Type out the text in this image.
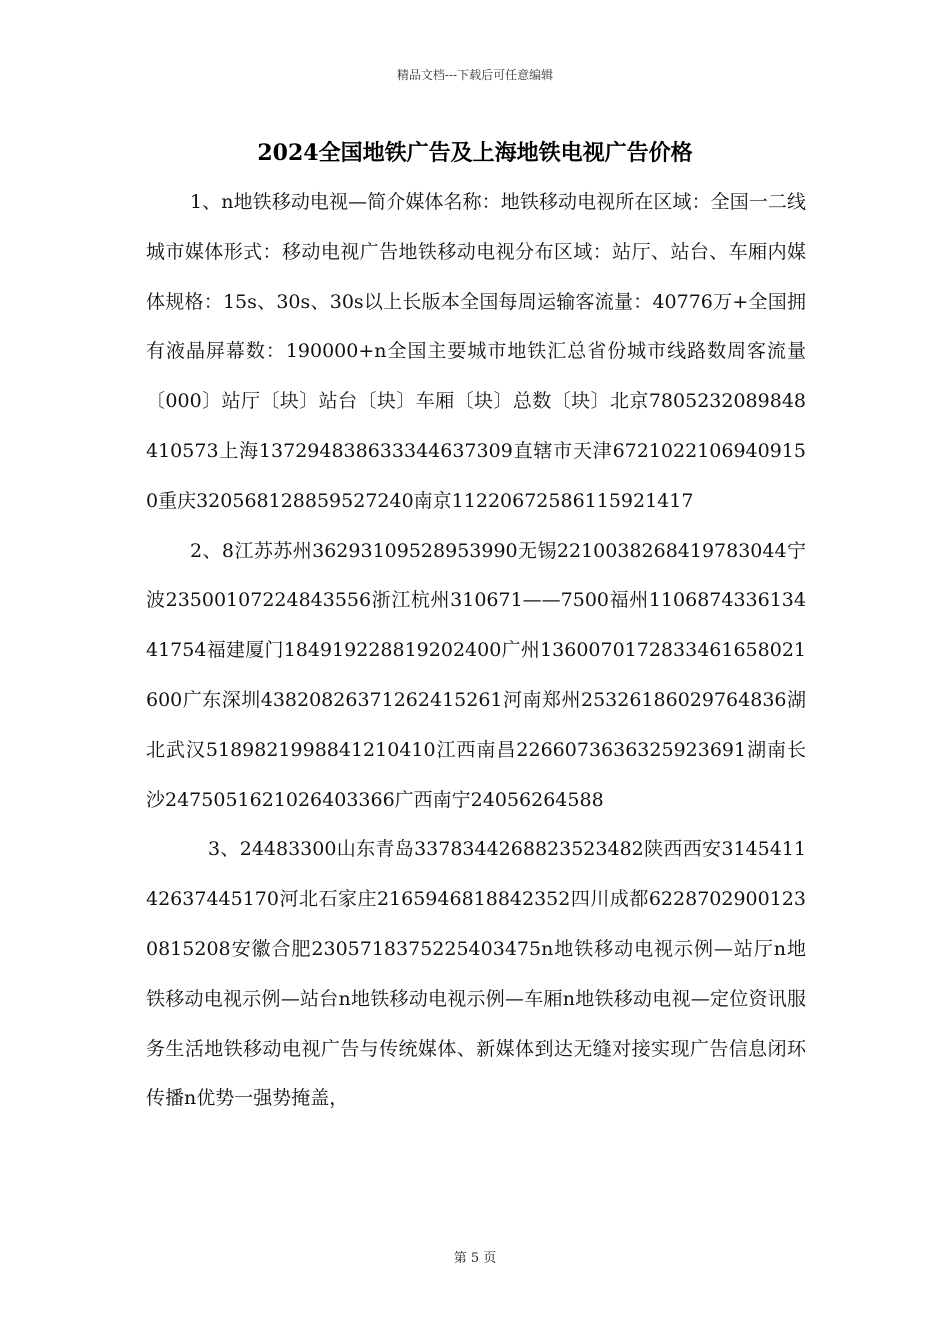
精品文档---下载后可任意编辑
2024全国地铁广告及上海地铁电视广告价格

1、n地铁移动电视—简介媒体名称：地铁移动电视所在区域：全国一二线城市媒体形式：移动电视广告地铁移动电视分布区域：站厅、站台、车厢内媒体规格：15s、30s、30s以上长版本全国每周运输客流量：40776万+全国拥有液晶屏幕数：190000+n全国主要城市地铁汇总省份城市线路数周客流量〔000〕站厅〔块〕站台〔块〕车厢〔块〕总数〔块〕北京7805232089848410573上海1372948386333446373​09直辖市天津67210221069409150重庆320568128859527240南京11220672586115921417

2、8江苏苏州36293109528953990无锡2210038268419783044宁波23500107224843556浙江杭州310671——7500福州110687433613441754福建厦门184919228819202400广州136007017283346165802​1600广东深圳43820826371262415261河南郑州25326186029764836湖北武汉5189821998841210410江西南昌2266073636325923691湖南长沙2475051621026403366广西南宁24056264588

3、24483300山东青岛3378344268823523482陕西西安314541142637445170河北石家庄2165946818842352四川成都62287029001230815208安徽合肥2305718375225403475n地铁移动电视示例—站厅n地铁移动电视示例—站台n地铁移动电视示例—车厢n地铁移动电视—定位资讯服务生活地铁移动电视广告与传统媒体、新媒体到达无缝对接实现广告信息闭环传播n优势一强势掩盖，

第 5 页
